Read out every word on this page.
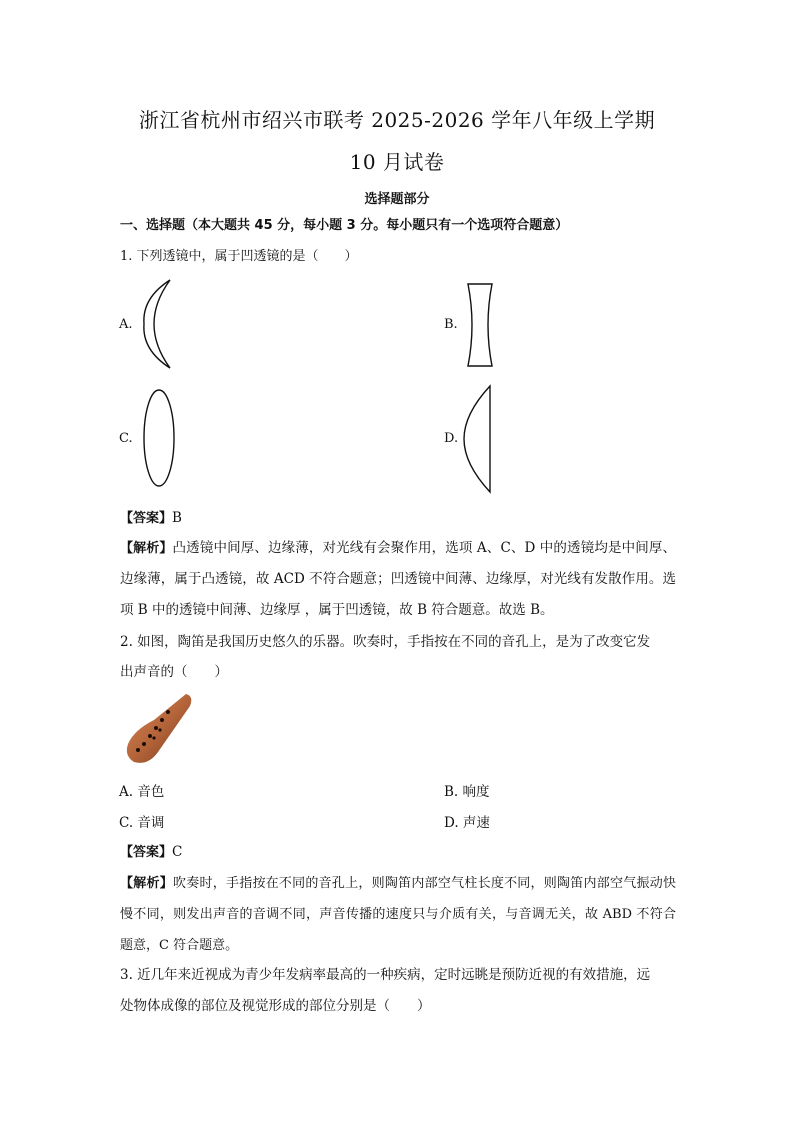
浙江省杭州市绍兴市联考 2025-2026 学年八年级上学期
10 月试卷
选择题部分
一、选择题（本大题共 45 分，每小题 3 分。每小题只有一个选项符合题意）
1. 下列透镜中，属于凹透镜的是（　　）
A.	B.
C.	D.
【答案】B
【解析】凸透镜中间厚、边缘薄，对光线有会聚作用，选项 A、C、D 中的透镜均是中间厚、边缘薄，属于凸透镜，故 ACD 不符合题意；凹透镜中间薄、边缘厚，对光线有发散作用。选项 B 中的透镜中间薄、边缘厚 ，属于凹透镜，故 B 符合题意。故选 B。
2. 如图，陶笛是我国历史悠久的乐器。吹奏时，手指按在不同的音孔上，是为了改变它发
出声音的（　　）
A. 音色	B. 响度
C. 音调	D. 声速
【答案】C
【解析】吹奏时，手指按在不同的音孔上，则陶笛内部空气柱长度不同，则陶笛内部空气振动快慢不同，则发出声音的音调不同，声音传播的速度只与介质有关，与音调无关，故 ABD 不符合题意，C 符合题意。
3. 近几年来近视成为青少年发病率最高的一种疾病，定时远眺是预防近视的有效措施，远
处物体成像的部位及视觉形成的部位分别是（　　）
